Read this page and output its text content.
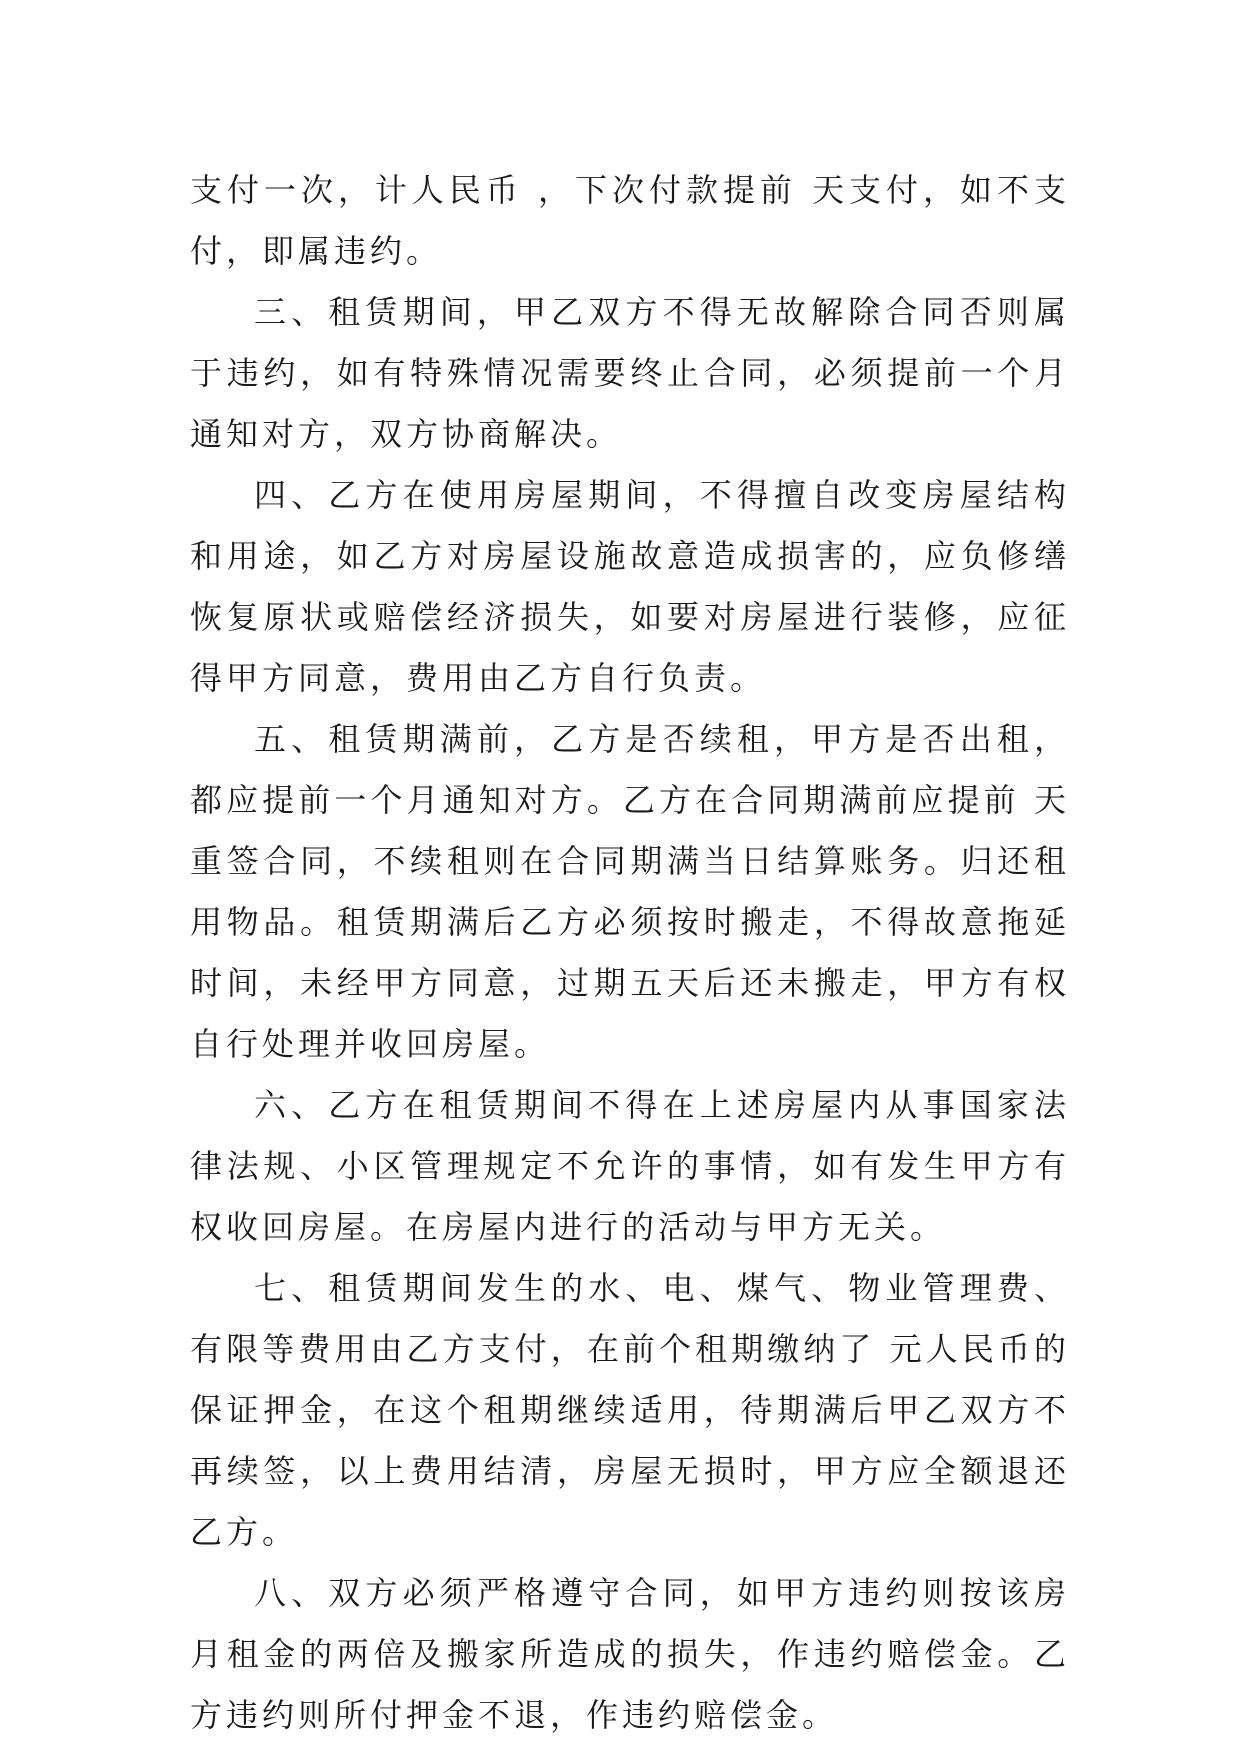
支付一次，计人民币 ，下次付款提前 天支付，如不支付，即属违约。

三、租赁期间，甲乙双方不得无故解除合同否则属于违约，如有特殊情况需要终止合同，必须提前一个月通知对方，双方协商解决。

四、乙方在使用房屋期间，不得擅自改变房屋结构和用途，如乙方对房屋设施故意造成损害的，应负修缮恢复原状或赔偿经济损失，如要对房屋进行装修，应征得甲方同意，费用由乙方自行负责。

五、租赁期满前，乙方是否续租，甲方是否出租，都应提前一个月通知对方。乙方在合同期满前应提前 天重签合同，不续租则在合同期满当日结算账务。归还租用物品。租赁期满后乙方必须按时搬走，不得故意拖延时间，未经甲方同意，过期五天后还未搬走，甲方有权自行处理并收回房屋。

六、乙方在租赁期间不得在上述房屋内从事国家法律法规、小区管理规定不允许的事情，如有发生甲方有权收回房屋。在房屋内进行的活动与甲方无关。

七、租赁期间发生的水、电、煤气、物业管理费、有限等费用由乙方支付，在前个租期缴纳了 元人民币的保证押金，在这个租期继续适用，待期满后甲乙双方不再续签，以上费用结清，房屋无损时，甲方应全额退还乙方。

八、双方必须严格遵守合同，如甲方违约则按该房月租金的两倍及搬家所造成的损失，作违约赔偿金。乙方违约则所付押金不退，作违约赔偿金。
